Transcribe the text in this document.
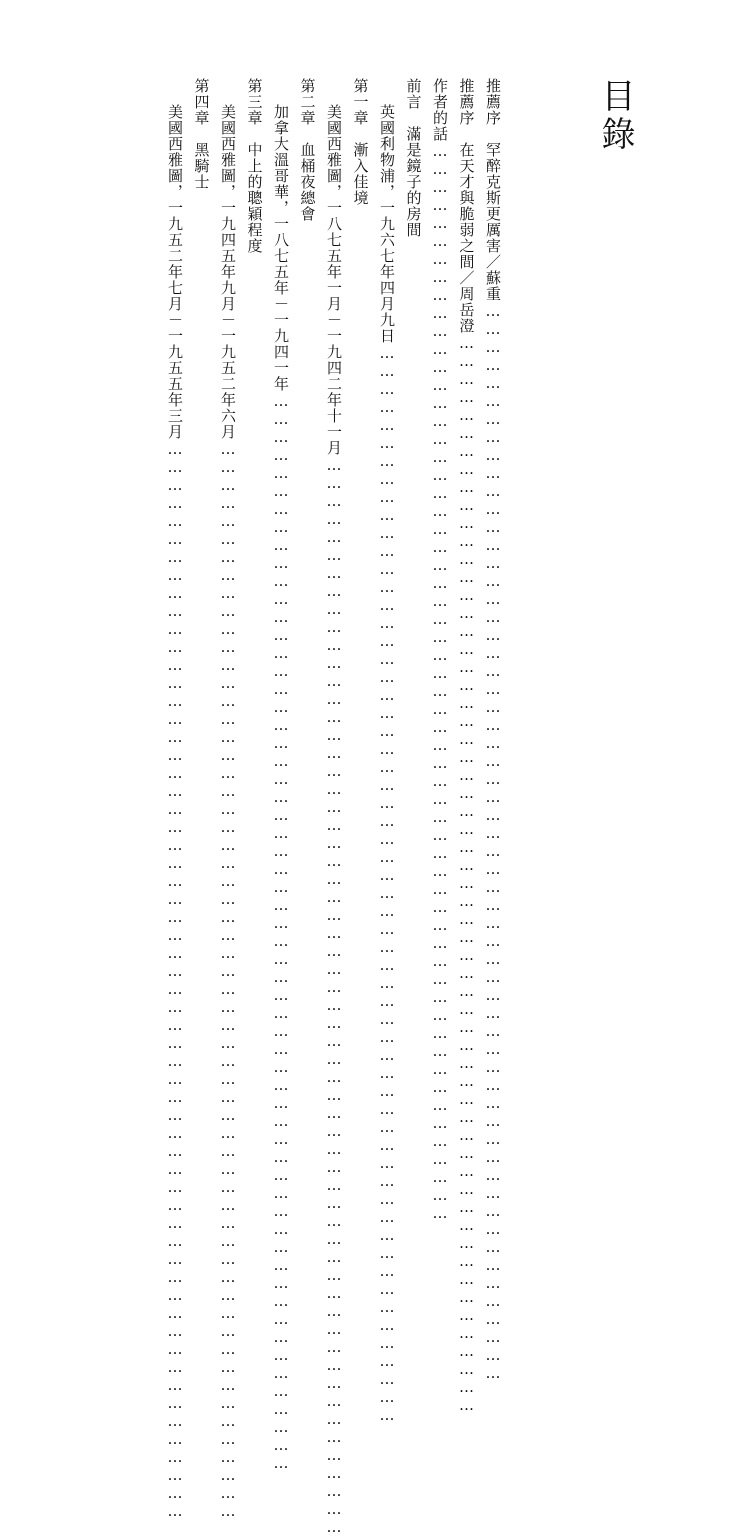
目錄
推薦序　罕醉克斯更厲害／蘇重………………………………………………………………………………………………………………………………………………………………
推薦序　在天才與脆弱之間／周岳澄………………………………………………………………………………………………………………………………………………………………
作者的話………………………………………………………………………………………………………………………………………………………………
前言　滿是鏡子的房間
英國利物浦，一九六七年四月九日………………………………………………………………………………………………………………………………………………………………
第一章　漸入佳境
美國西雅圖，一八七五年一月－一九四二年十一月………………………………………………………………………………………………………………………………………………………………
第二章　血桶夜總會
加拿大溫哥華，一八七五年－一九四一年………………………………………………………………………………………………………………………………………………………………
第三章　中上的聰穎程度
美國西雅圖，一九四五年九月－一九五二年六月………………………………………………………………………………………………………………………………………………………………
第四章　黑騎士
美國西雅圖，一九五二年七月－一九五五年三月………………………………………………………………………………………………………………………………………………………………
